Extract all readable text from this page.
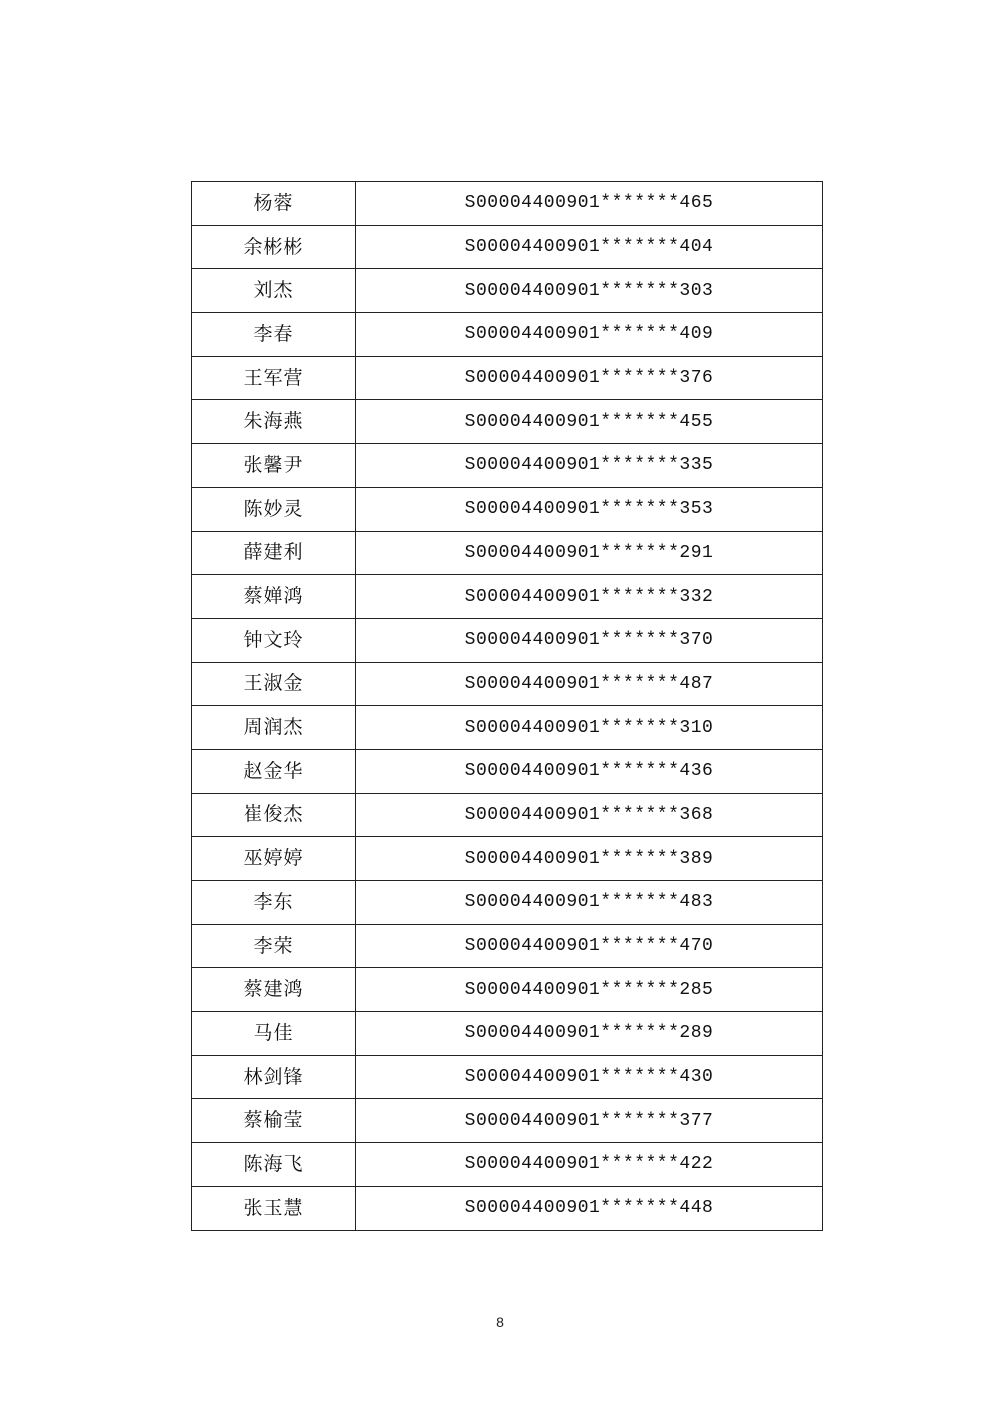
杨蓉	S00004400901*******465
余彬彬	S00004400901*******404
刘杰	S00004400901*******303
李春	S00004400901*******409
王军营	S00004400901*******376
朱海燕	S00004400901*******455
张馨尹	S00004400901*******335
陈妙灵	S00004400901*******353
薛建利	S00004400901*******291
蔡婵鸿	S00004400901*******332
钟文玲	S00004400901*******370
王淑金	S00004400901*******487
周润杰	S00004400901*******310
赵金华	S00004400901*******436
崔俊杰	S00004400901*******368
巫婷婷	S00004400901*******389
李东	S00004400901*******483
李荣	S00004400901*******470
蔡建鸿	S00004400901*******285
马佳	S00004400901*******289
林剑锋	S00004400901*******430
蔡榆莹	S00004400901*******377
陈海飞	S00004400901*******422
张玉慧	S00004400901*******448
8
